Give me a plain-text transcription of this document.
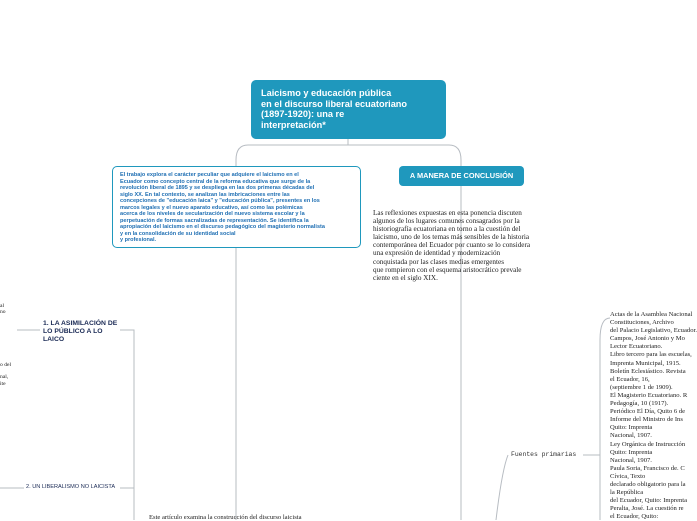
Laicismo y educación pública
en el discurso liberal ecuatoriano
(1897-1920): una re
interpretación*
El trabajo explora el carácter peculiar que adquiere el laicismo en el
Ecuador como concepto central de la reforma educativa que surge de la
revolución liberal de 1895 y se despliega en las dos primeras décadas del
siglo XX. En tal contexto, se analizan las imbricaciones entre las
concepciones de "educación laica" y "educación pública", presentes en los
marcos legales y el nuevo aparato educativo, así como las polémicas
acerca de los niveles de secularización del nuevo sistema escolar y la
perpetuación de formas sacralizadas de representación. Se identifica la
apropiación del laicismo en el discurso pedagógico del magisterio normalista
y en la consolidación de su identidad social
y profesional.
A MANERA DE CONCLUSIÓN
Las reflexiones expuestas en esta ponencia discuten
algunos de los lugares comunes consagrados por la
historiografía ecuatoriana en torno a la cuestión del
laicismo, uno de los temas más sensibles de la historia
contemporánea del Ecuador por cuanto se lo considera
una expresión de identidad y modernización
conquistada por las clases medias emergentes
que rompieron con el esquema aristocrático prevale
ciente en el siglo XIX.
1. LA ASIMILACIÓN DE
LO PÚBLICO A LO
LAICO
2. UN LIBERALISMO NO LAICISTA
al
no
o del
nal,
ite
Fuentes primarias
Actas de la Asamblea Nacional
Constituciones, Archivo
del Palacio Legislativo, Ecuador.
Campos, José Antonio y Mo
Lector Ecuatoriano.
Libro tercero para las escuelas,
Imprenta Municipal, 1915.
Boletín Eclesiástico. Revista
el Ecuador, 16,
(septiembre 1 de 1909).
El Magisterio Ecuatoriano. R
Pedagogía, 10 (1917).
Periódico El Día, Quito 6 de
Informe del Ministro de Ins
Quito: Imprenta
Nacional, 1907.
Ley Orgánica de Instrucción
Quito: Imprenta
Nacional, 1907.
Paula Soria, Francisco de. C
Cívica, Texto
declarado obligatorio para la
la República
del Ecuador, Quito: Imprenta
Peralta, José. La cuestión re
el Ecuador, Quito:
Este artículo examina la construcción del discurso laicista
